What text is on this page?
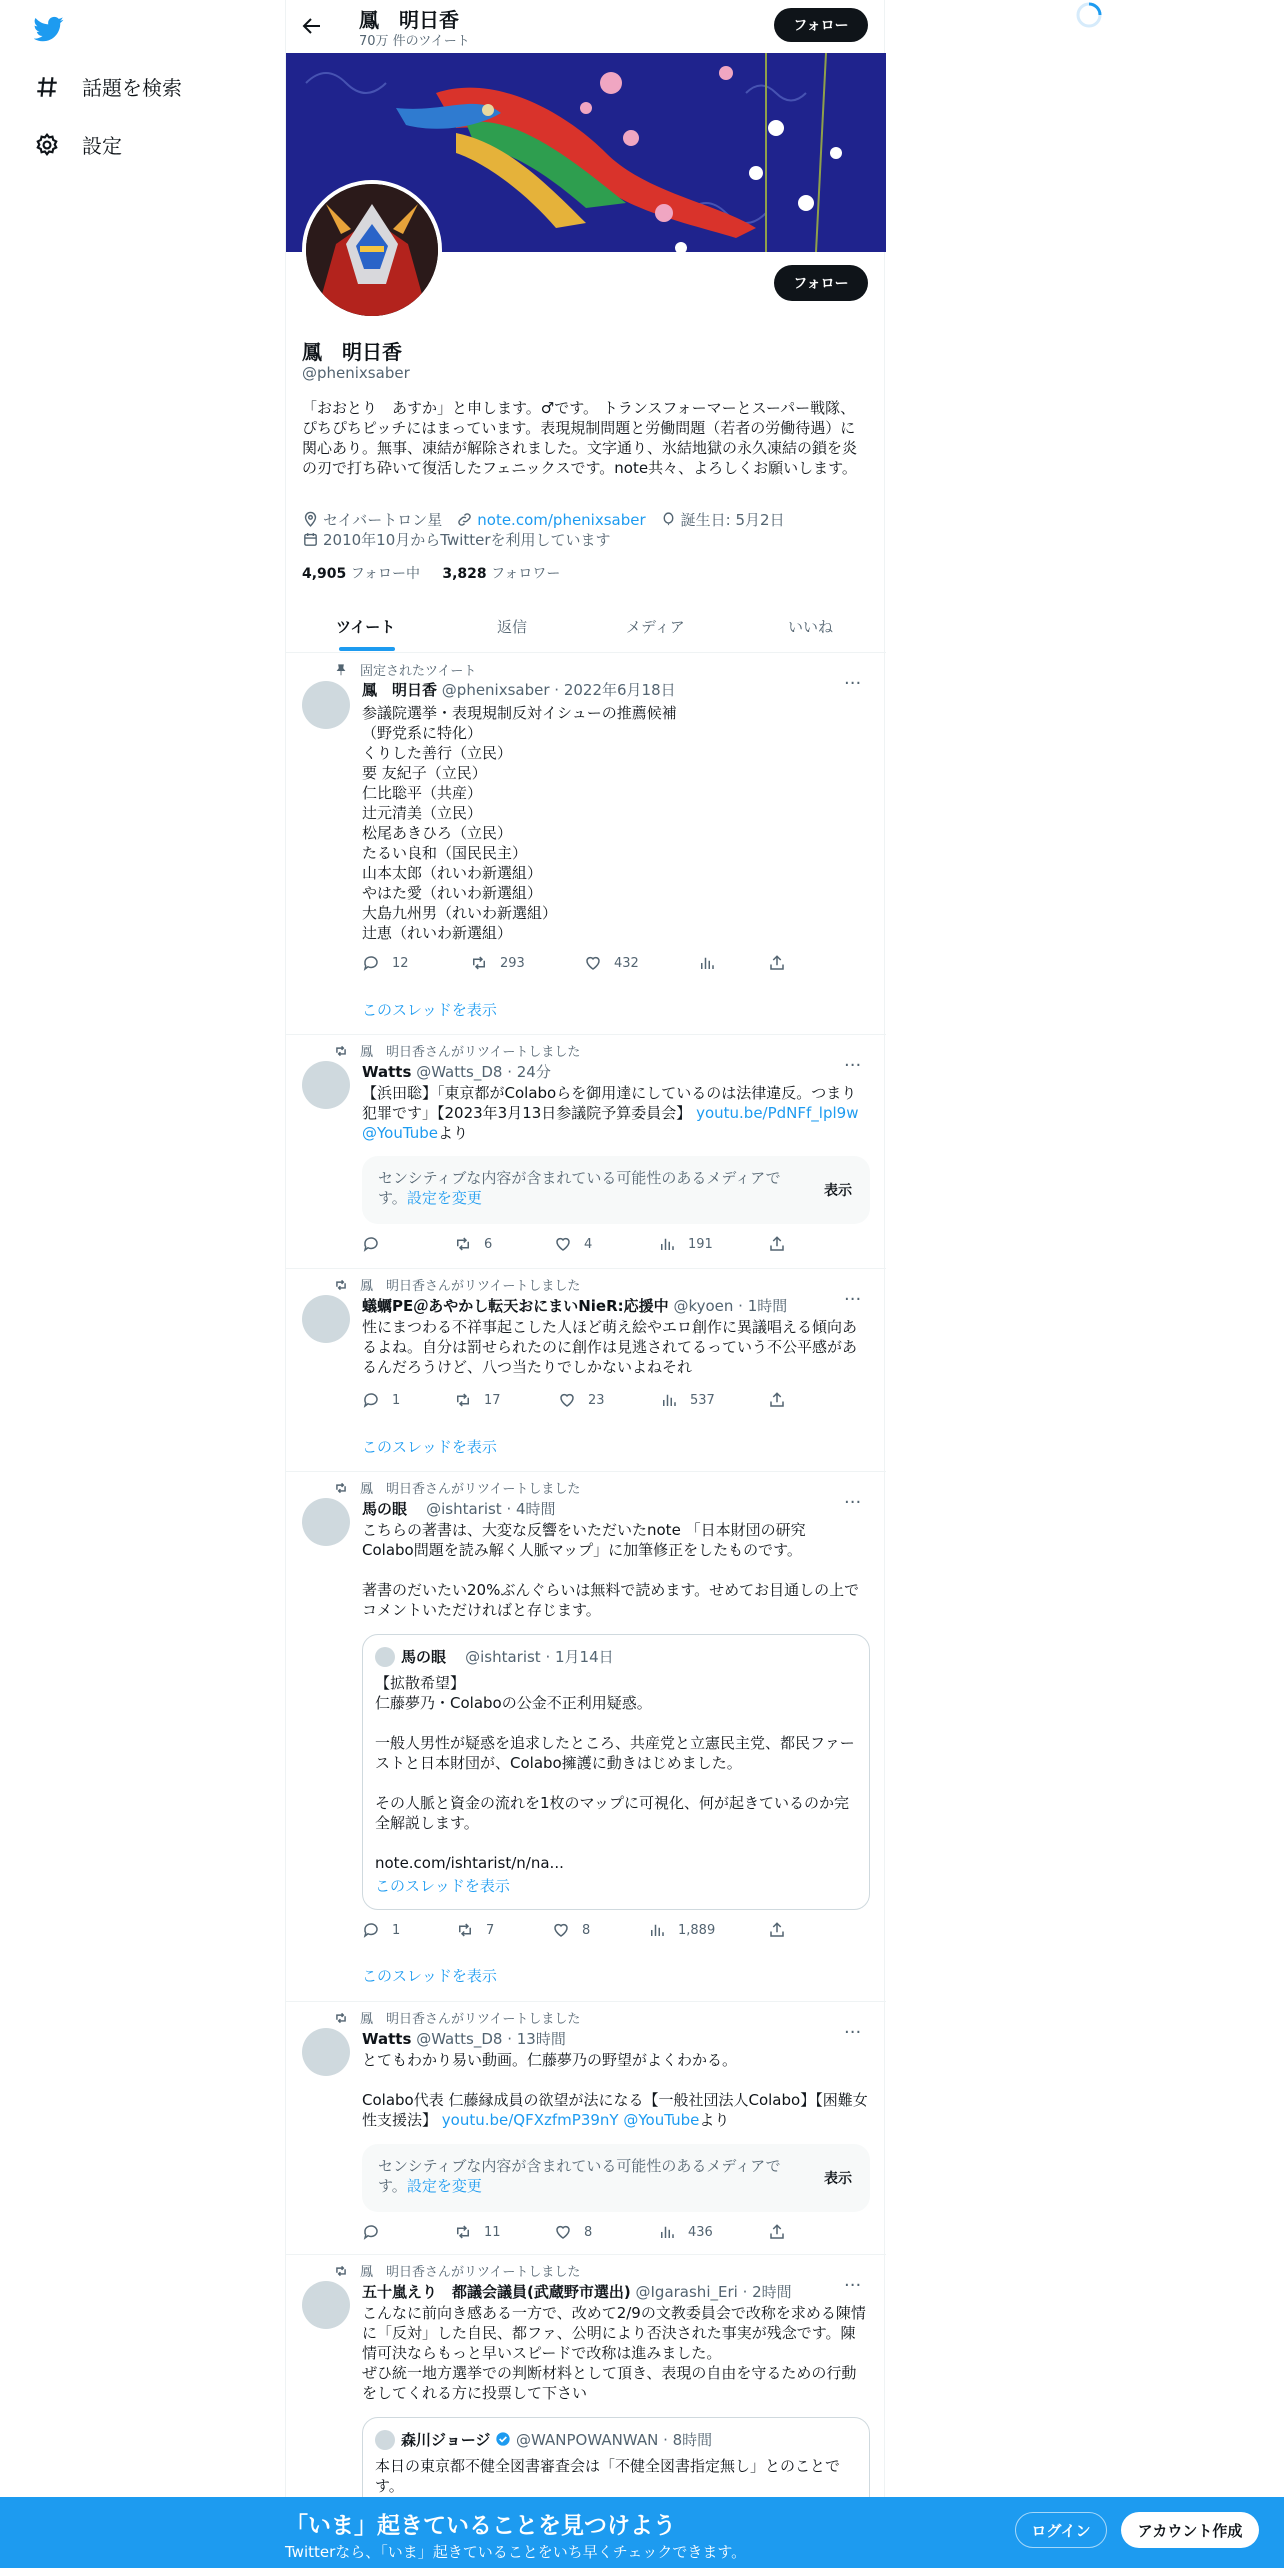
話題を検索
設定
鳳　明日香
70万 件のツイート
フォロー
フォロー
鳳　明日香
@phenixsaber
「おおとり　あすか」と申します。♂です。 トランスフォーマーとスーパー戦隊、ぴちぴちピッチにはまっています。表現規制問題と労働問題（若者の労働待遇）に関心あり。無事、凍結が解除されました。文字通り、氷結地獄の永久凍結の鎖を炎の刃で打ち砕いて復活したフェニックスです。note共々、よろしくお願いします。
セイバートロン星 note.com/phenixsaber 誕生日: 5月2日
2010年10月からTwitterを利用しています
4,905 フォロー中 3,828 フォロワー
ツイート	返信	メディア	いいね
固定されたツイート
鳳　明日香 @phenixsaber · 2022年6月18日	···
参議院選挙・表現規制反対イシューの推薦候補
（野党系に特化）
くりした善行（立民）
要 友紀子（立民）
仁比聡平（共産）
辻元清美（立民）
松尾あきひろ（立民）
たるい良和（国民民主）
山本太郎（れいわ新選組）
やはた愛（れいわ新選組）
大島九州男（れいわ新選組）
辻恵（れいわ新選組）
12	293	432
このスレッドを表示
鳳　明日香さんがリツイートしました
Watts @Watts_D8 · 24分	···
【浜田聡】「東京都がColaboらを御用達にしているのは法律違反。つまり犯罪です」【2023年3月13日参議院予算委員会】 youtu.be/PdNFf_lpl9w @YouTubeより
センシティブな内容が含まれている可能性のあるメディアです。設定を変更	表示
6	4	191
鳳　明日香さんがリツイートしました
蟻蠣PE＠あやかし転天おにまいNieR:応援中 @kyoen · 1時間	···
性にまつわる不祥事起こした人ほど萌え絵やエロ創作に異議唱える傾向あるよね。自分は罰せられたのに創作は見逃されてるっていう不公平感があるんだろうけど、八つ当たりでしかないよねそれ
1	17	23	537
このスレッドを表示
鳳　明日香さんがリツイートしました
馬の眼 @ishtarist · 4時間	···
こちらの著書は、大変な反響をいただいたnote 「日本財団の研究　Colabo問題を読み解く人脈マップ」に加筆修正をしたものです。

著書のだいたい20%ぶんぐらいは無料で読めます。せめてお目通しの上でコメントいただければと存じます。
馬の眼 @ishtarist · 1月14日
【拡散希望】
仁藤夢乃・Colaboの公金不正利用疑惑。

一般人男性が疑惑を追求したところ、共産党と立憲民主党、都民ファーストと日本財団が、Colabo擁護に動きはじめました。

その人脈と資金の流れを1枚のマップに可視化、何が起きているのか完全解説します。

note.com/ishtarist/n/na...
このスレッドを表示
1	7	8	1,889
このスレッドを表示
鳳　明日香さんがリツイートしました
Watts @Watts_D8 · 13時間	···
とてもわかり易い動画。仁藤夢乃の野望がよくわかる。

Colabo代表 仁藤縁成員の欲望が法になる【一般社団法人Colabo】【困難女性支援法】 youtu.be/QFXzfmP39nY @YouTubeより
センシティブな内容が含まれている可能性のあるメディアです。設定を変更	表示
11	8	436
鳳　明日香さんがリツイートしました
五十嵐えり　都議会議員(武蔵野市選出) @Igarashi_Eri · 2時間	···
こんなに前向き感ある一方で、改めて2/9の文教委員会で改称を求める陳情に「反対」した自民、都ファ、公明により否決された事実が残念です。陳情可決ならもっと早いスピードで改称は進みました。
ぜひ統一地方選挙での判断材料として頂き、表現の自由を守るための行動をしてくれる方に投票して下さい
森川ジョージ @WANPOWANWAN · 8時間
本日の東京都不健全図書審査会は「不健全図書指定無し」とのことです。
「いま」起きていることを見つけよう
Twitterなら、「いま」起きていることをいち早くチェックできます。
ログイン	アカウント作成
